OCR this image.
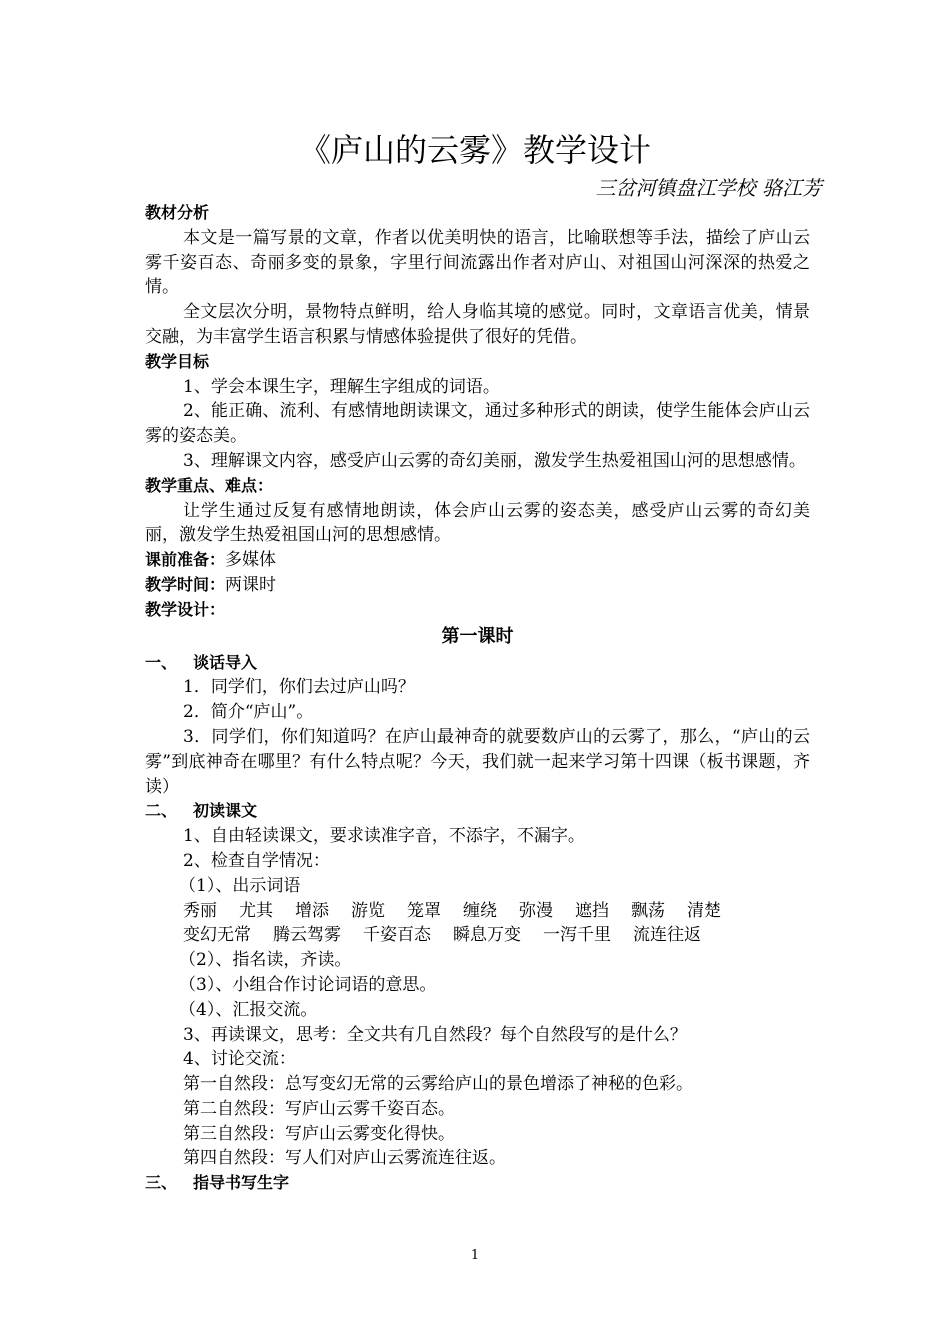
《庐山的云雾》教学设计
三岔河镇盘江学校 骆江芳

教材分析

本文是一篇写景的文章，作者以优美明快的语言，比喻联想等手法，描绘了庐山云雾千姿百态、奇丽多变的景象，字里行间流露出作者对庐山、对祖国山河深深的热爱之情。

全文层次分明，景物特点鲜明，给人身临其境的感觉。同时，文章语言优美，情景交融，为丰富学生语言积累与情感体验提供了很好的凭借。

教学目标

1、学会本课生字，理解生字组成的词语。

2、能正确、流利、有感情地朗读课文，通过多种形式的朗读，使学生能体会庐山云雾的姿态美。

3、理解课文内容，感受庐山云雾的奇幻美丽，激发学生热爱祖国山河的思想感情。

教学重点、难点：

让学生通过反复有感情地朗读，体会庐山云雾的姿态美，感受庐山云雾的奇幻美丽，激发学生热爱祖国山河的思想感情。

课前准备：多媒体

教学时间：两课时

教学设计：

第一课时

一、 谈话导入

1．同学们，你们去过庐山吗？

2．简介“庐山”。

3．同学们，你们知道吗？在庐山最神奇的就要数庐山的云雾了，那么，“庐山的云雾”到底神奇在哪里？有什么特点呢？今天，我们就一起来学习第十四课（板书课题，齐读）

二、 初读课文

1、自由轻读课文，要求读准字音，不添字，不漏字。

2、检查自学情况：

（1）、出示词语

秀丽 尤其 增添 游览 笼罩 缠绕 弥漫 遮挡 飘荡 清楚

变幻无常 腾云驾雾 千姿百态 瞬息万变 一泻千里 流连往返

（2）、指名读，齐读。

（3）、小组合作讨论词语的意思。

（4）、汇报交流。

3、再读课文，思考：全文共有几自然段？每个自然段写的是什么？

4、讨论交流：

第一自然段：总写变幻无常的云雾给庐山的景色增添了神秘的色彩。

第二自然段：写庐山云雾千姿百态。

第三自然段：写庐山云雾变化得快。

第四自然段：写人们对庐山云雾流连往返。

三、 指导书写生字

1
